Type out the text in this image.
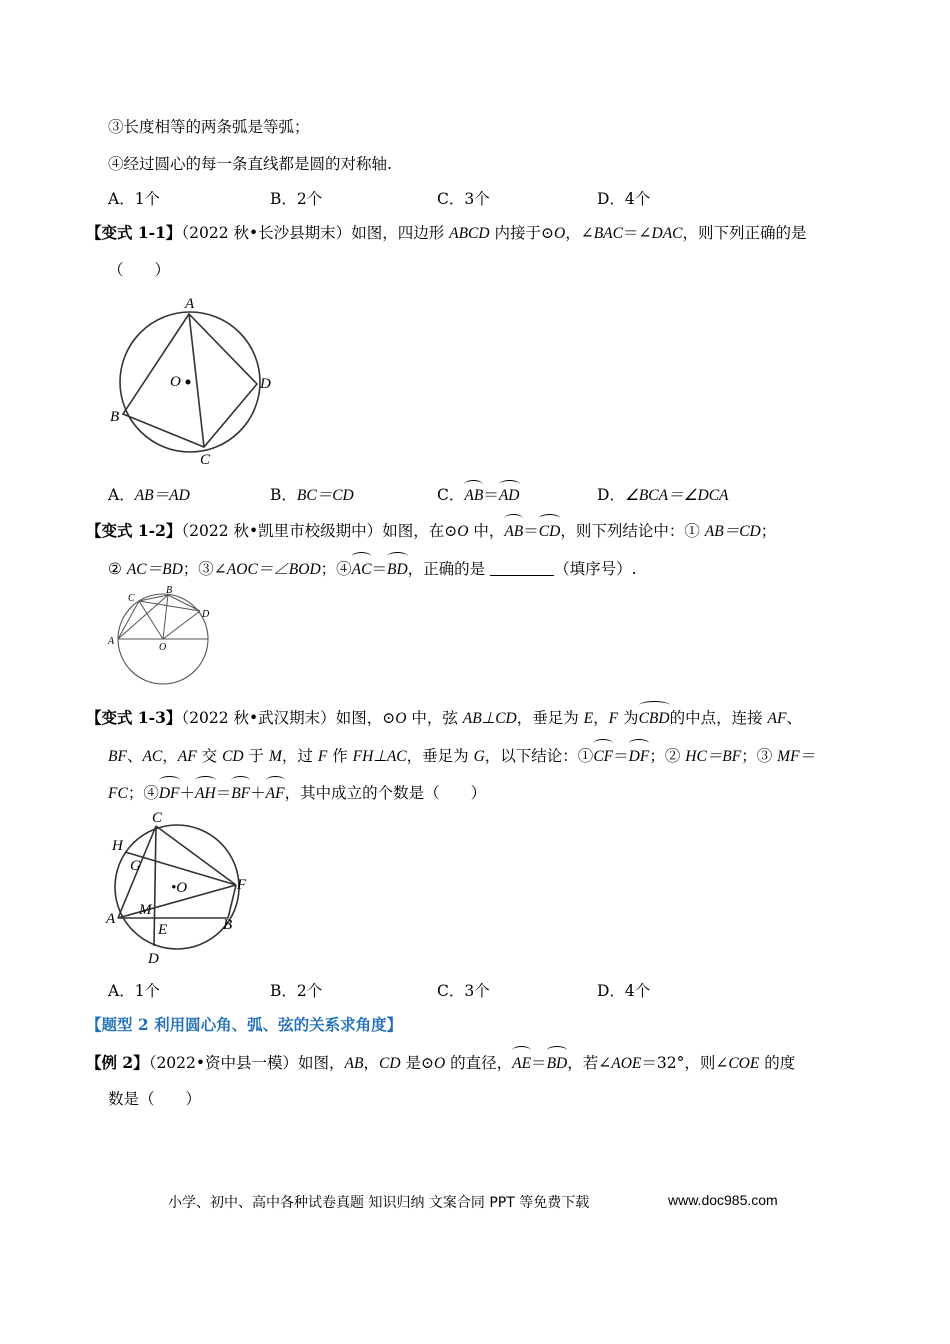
③长度相等的两条弧是等弧；
④经过圆心的每一条直线都是圆的对称轴.
A．1个	B．2个	C．3个	D．4个
【变式 1-1】（2022 秋•长沙县期末）如图，四边形 ABCD 内接于⊙O，∠BAC＝∠DAC，则下列正确的是
（　　）
A
B
C
D
O
A．AB＝AD	B．BC＝CD	C．AB＝AD	D．∠BCA＝∠DCA
【变式 1-2】（2022 秋•凯里市校级期中）如图，在⊙O 中，AB＝CD，则下列结论中：① AB＝CD；
② AC＝BD；③∠AOC＝∠BOD；④AC＝BD，正确的是	（填序号）.
A
B
C
D
O
【变式 1-3】（2022 秋•武汉期末）如图，⊙O 中，弦 AB⊥CD，垂足为 E，F 为CBD的中点，连接 AF、
BF、AC，AF 交 CD 于 M，过 F 作 FH⊥AC，垂足为 G，以下结论：①CF＝DF；② HC＝BF；③ MF＝
FC；④DF＋AH＝BF＋AF，其中成立的个数是（　　）
C
H
G
•O	F
M
A
E	B
D
A．1个	B．2个	C．3个	D．4个
【题型 2 利用圆心角、弧、弦的关系求角度】
【例 2】（2022•资中县一模）如图，AB，CD 是⊙O 的直径，AE＝BD，若∠AOE＝32°，则∠COE 的度
数是（　　）
小学、初中、高中各种试卷真题 知识归纳 文案合同 PPT 等免费下载	www.doc985.com
